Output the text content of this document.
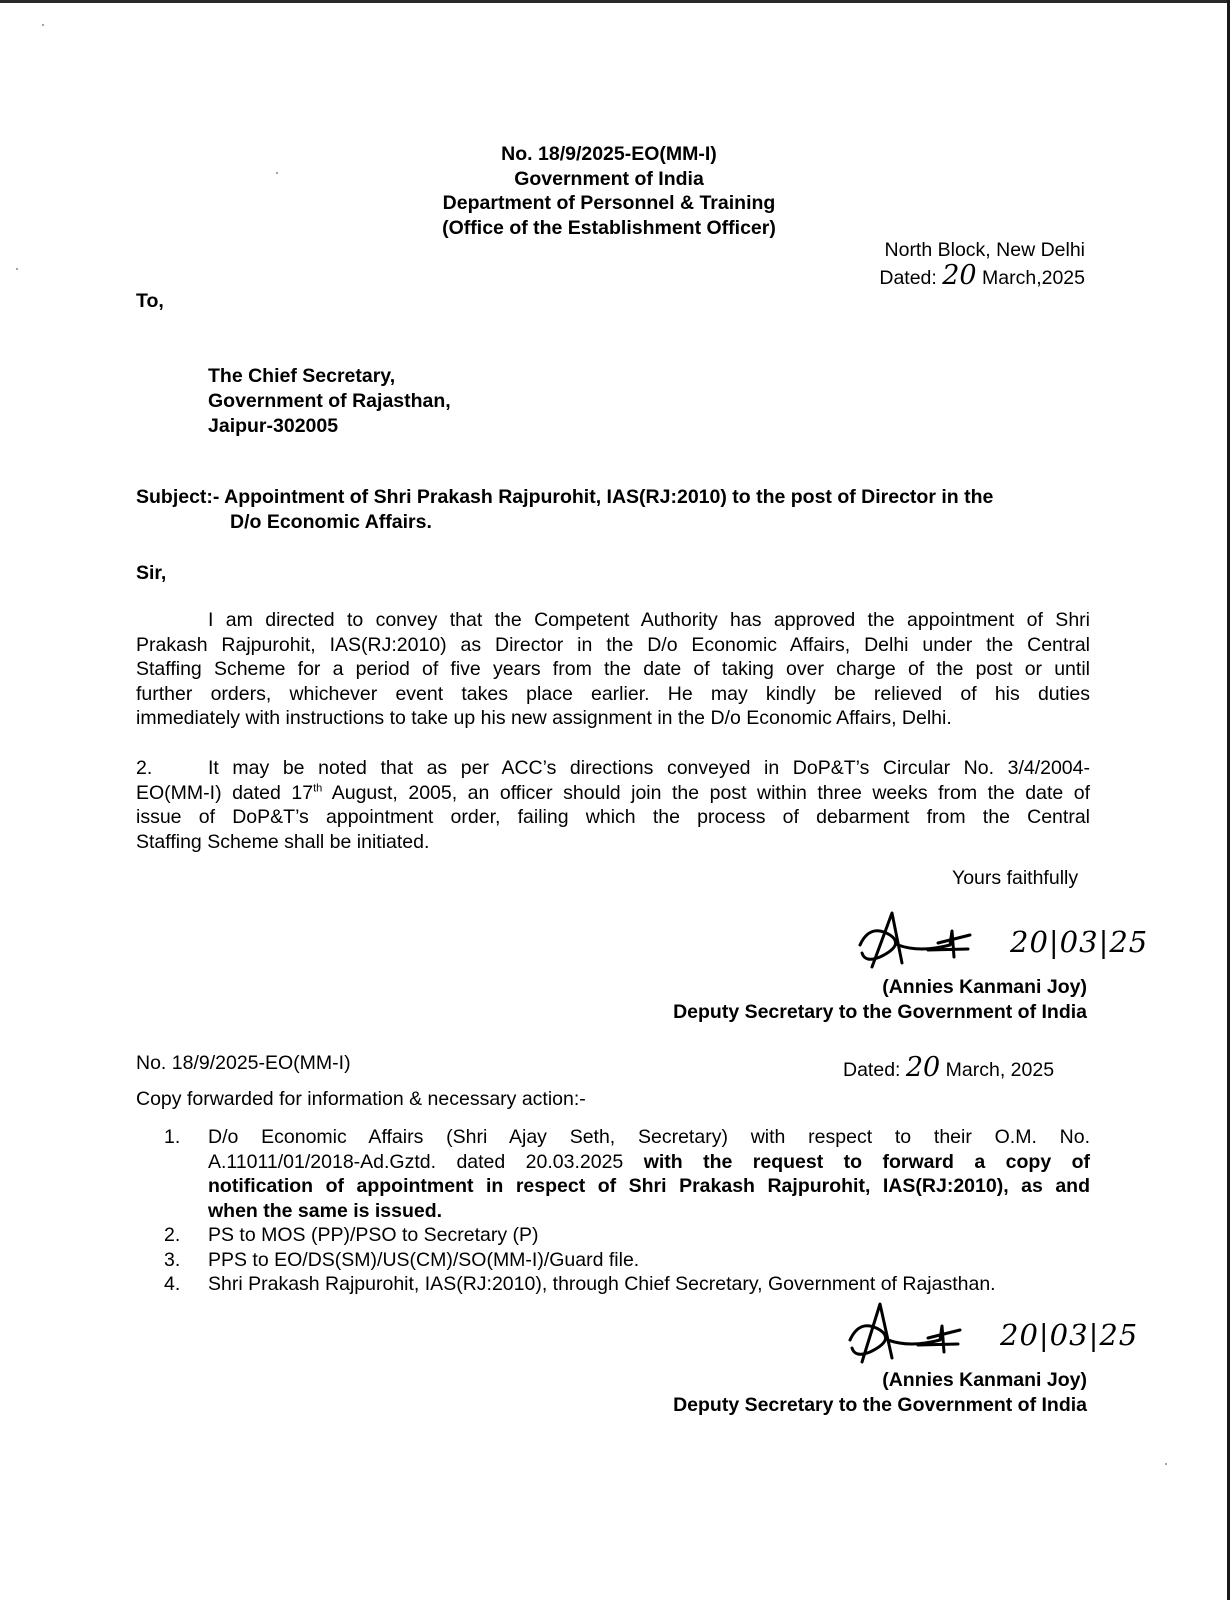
No. 18/9/2025-EO(MM-I)
Government of India
Department of Personnel & Training
(Office of the Establishment Officer)
North Block, New Delhi
Dated: 20 March,2025
To,
The Chief Secretary,
Government of Rajasthan,
Jaipur-302005
Subject:- Appointment of Shri Prakash Rajpurohit, IAS(RJ:2010) to the post of Director in the
D/o Economic Affairs.
Sir,
I am directed to convey that the Competent Authority has approved the appointment of Shri
Prakash Rajpurohit, IAS(RJ:2010) as Director in the D/o Economic Affairs, Delhi under the Central
Staffing Scheme for a period of five years from the date of taking over charge of the post or until
further orders, whichever event takes place earlier. He may kindly be relieved of his duties
immediately with instructions to take up his new assignment in the D/o Economic Affairs, Delhi.
2.	It may be noted that as per ACC’s directions conveyed in DoP&T’s Circular No. 3/4/2004-
EO(MM-I) dated 17th August, 2005, an officer should join the post within three weeks from the date of
issue of DoP&T’s appointment order, failing which the process of debarment from the Central
Staffing Scheme shall be initiated.
Yours faithfully
20|03|25
(Annies Kanmani Joy)
Deputy Secretary to the Government of India
No. 18/9/2025-EO(MM-I)	Dated: 20 March, 2025
Copy forwarded for information & necessary action:-
1. D/o Economic Affairs (Shri Ajay Seth, Secretary) with respect to their O.M. No.
A.11011/01/2018-Ad.Gztd. dated 20.03.2025 with the request to forward a copy of
notification of appointment in respect of Shri Prakash Rajpurohit, IAS(RJ:2010), as and
when the same is issued.
2. PS to MOS (PP)/PSO to Secretary (P)
3. PPS to EO/DS(SM)/US(CM)/SO(MM-I)/Guard file.
4. Shri Prakash Rajpurohit, IAS(RJ:2010), through Chief Secretary, Government of Rajasthan.
20|03|25
(Annies Kanmani Joy)
Deputy Secretary to the Government of India
